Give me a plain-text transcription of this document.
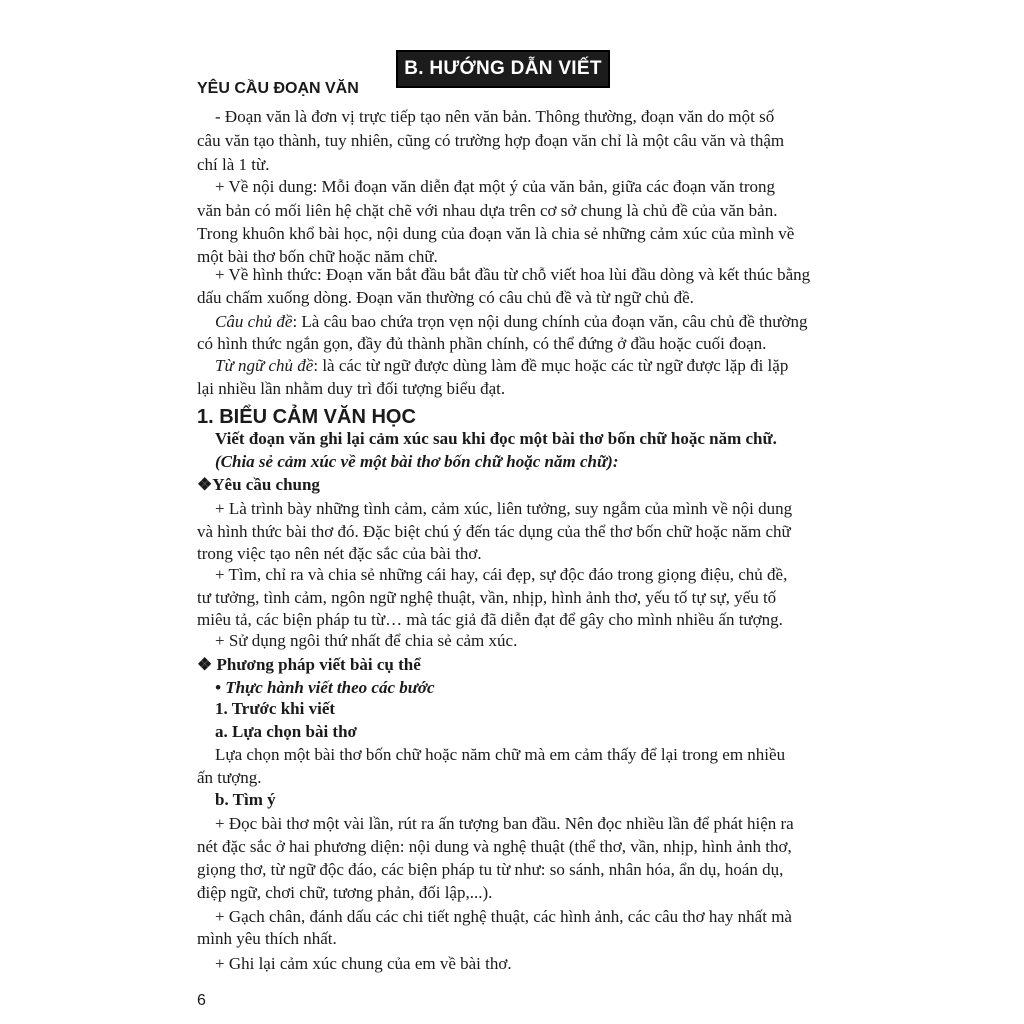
B. HƯỚNG DẪN VIẾT
YÊU CẦU ĐOẠN VĂN
- Đoạn văn là đơn vị trực tiếp tạo nên văn bản. Thông thường, đoạn văn do một số
câu văn tạo thành, tuy nhiên, cũng có trường hợp đoạn văn chỉ là một câu văn và thậm
chí là 1 từ.
+ Về nội dung: Mỗi đoạn văn diễn đạt một ý của văn bản, giữa các đoạn văn trong
văn bản có mối liên hệ chặt chẽ với nhau dựa trên cơ sở chung là chủ đề của văn bản.
Trong khuôn khổ bài học, nội dung của đoạn văn là chia sẻ những cảm xúc của mình về
một bài thơ bốn chữ hoặc năm chữ.
+ Về hình thức: Đoạn văn bắt đầu bắt đầu từ chỗ viết hoa lùi đầu dòng và kết thúc bằng
dấu chấm xuống dòng. Đoạn văn thường có câu chủ đề và từ ngữ chủ đề.
Câu chủ đề: Là câu bao chứa trọn vẹn nội dung chính của đoạn văn, câu chủ đề thường
có hình thức ngắn gọn, đầy đủ thành phần chính, có thể đứng ở đầu hoặc cuối đoạn.
Từ ngữ chủ đề: là các từ ngữ được dùng làm đề mục hoặc các từ ngữ được lặp đi lặp
lại nhiều lần nhằm duy trì đối tượng biểu đạt.
1. BIỂU CẢM VĂN HỌC
Viết đoạn văn ghi lại cảm xúc sau khi đọc một bài thơ bốn chữ hoặc năm chữ.
(Chia sẻ cảm xúc về một bài thơ bốn chữ hoặc năm chữ):
❖Yêu cầu chung
+ Là trình bày những tình cảm, cảm xúc, liên tưởng, suy ngẫm của mình về nội dung
và hình thức bài thơ đó. Đặc biệt chú ý đến tác dụng của thể thơ bốn chữ hoặc năm chữ
trong việc tạo nên nét đặc sắc của bài thơ.
+ Tìm, chỉ ra và chia sẻ những cái hay, cái đẹp, sự độc đáo trong giọng điệu, chủ đề,
tư tưởng, tình cảm, ngôn ngữ nghệ thuật, vần, nhịp, hình ảnh thơ, yếu tố tự sự, yếu tố
miêu tả, các biện pháp tu từ… mà tác giả đã diễn đạt để gây cho mình nhiều ấn tượng.
+ Sử dụng ngôi thứ nhất để chia sẻ cảm xúc.
❖ Phương pháp viết bài cụ thể
• Thực hành viết theo các bước
1. Trước khi viết
a. Lựa chọn bài thơ
Lựa chọn một bài thơ bốn chữ hoặc năm chữ mà em cảm thấy để lại trong em nhiều
ấn tượng.
b. Tìm ý
+ Đọc bài thơ một vài lần, rút ra ấn tượng ban đầu. Nên đọc nhiều lần để phát hiện ra
nét đặc sắc ở hai phương diện: nội dung và nghệ thuật (thể thơ, vần, nhịp, hình ảnh thơ,
giọng thơ, từ ngữ độc đáo, các biện pháp tu từ như: so sánh, nhân hóa, ẩn dụ, hoán dụ,
điệp ngữ, chơi chữ, tương phản, đối lập,...).
+ Gạch chân, đánh dấu các chi tiết nghệ thuật, các hình ảnh, các câu thơ hay nhất mà
mình yêu thích nhất.
+ Ghi lại cảm xúc chung của em về bài thơ.
6
